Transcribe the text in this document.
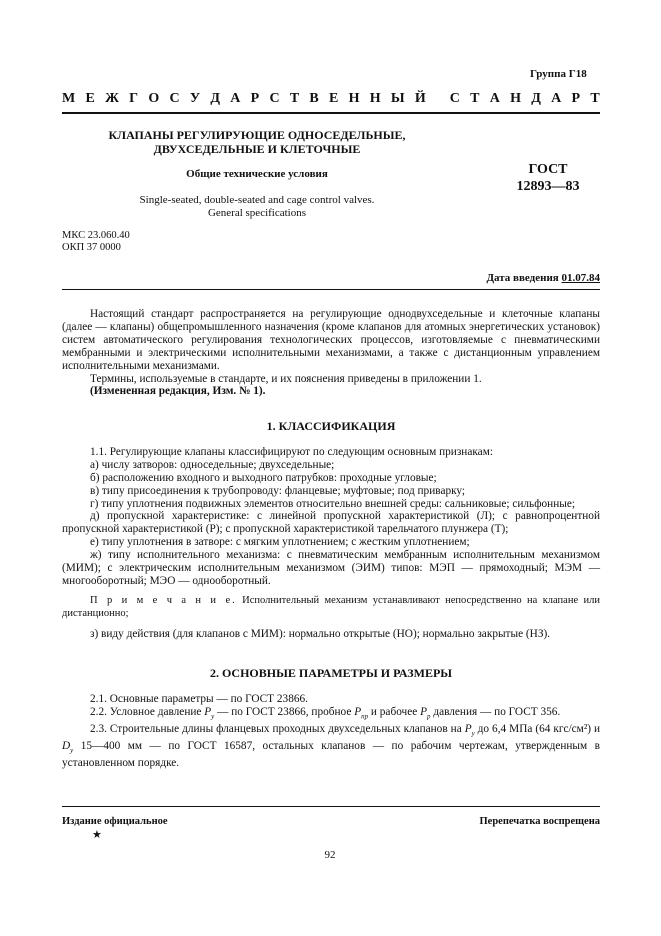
Группа Г18
М Е Ж Г О С У Д А Р С Т В Е Н Н Ы Й
С Т А Н Д А Р Т
КЛАПАНЫ РЕГУЛИРУЮЩИЕ ОДНОСЕДЕЛЬНЫЕ,
ДВУХСЕДЕЛЬНЫЕ И КЛЕТОЧНЫЕ
Общие технические условия
Single-seated, double-seated and cage control valves.
General specifications
ГОСТ
12893—83
МКС 23.060.40
ОКП 37 0000
Дата введения 01.07.84

Настоящий стандарт распространяется на регулирующие однодвухседельные и клеточные клапаны (далее — клапаны) общепромышленного назначения (кроме клапанов для атомных энергетических установок) систем автоматического регулирования технологических процессов, изготовляемые с пневматическими мембранными и электрическими исполнительными механизмами, а также с дистанционным управлением исполнительными механизмами.

Термины, используемые в стандарте, и их пояснения приведены в приложении 1.

(Измененная редакция, Изм. № 1).

1. КЛАССИФИКАЦИЯ

1.1. Регулирующие клапаны классифицируют по следующим основным признакам:

а) числу затворов: односедельные; двухседельные;

б) расположению входного и выходного патрубков: проходные угловые;

в) типу присоединения к трубопроводу: фланцевые; муфтовые; под приварку;

г) типу уплотнения подвижных элементов относительно внешней среды: сальниковые; сильфонные;

д) пропускной характеристике: с линейной пропускной характеристикой (Л); с равнопроцентной пропускной характеристикой (Р); с пропускной характеристикой тарельчатого плунжера (Т);

е) типу уплотнения в затворе: с мягким уплотнением; с жестким уплотнением;

ж) типу исполнительного механизма: с пневматическим мембранным исполнительным механизмом (МИМ); с электрическим исполнительным механизмом (ЭИМ) типов: МЭП — прямоходный; МЭМ — многооборотный; МЭО — однооборотный.

П р и м е ч а н и е. Исполнительный механизм устанавливают непосредственно на клапане или дистанционно;

з) виду действия (для клапанов с МИМ): нормально открытые (НО); нормально закрытые (НЗ).

2. ОСНОВНЫЕ ПАРАМЕТРЫ И РАЗМЕРЫ

2.1. Основные параметры — по ГОСТ 23866.

2.2. Условное давление $P_у$ — по ГОСТ 23866, пробное $P_{пр}$ и рабочее $P_р$ давления — по ГОСТ 356.

2.3. Строительные длины фланцевых проходных двухседельных клапанов на $P_у$ до 6,4 МПа (64 кгс/см²) и $D_у$ 15—400 мм — по ГОСТ 16587, остальных клапанов — по рабочим чертежам, утвержденным в установленном порядке.

Издание официальное
★
Перепечатка воспрещена
92
